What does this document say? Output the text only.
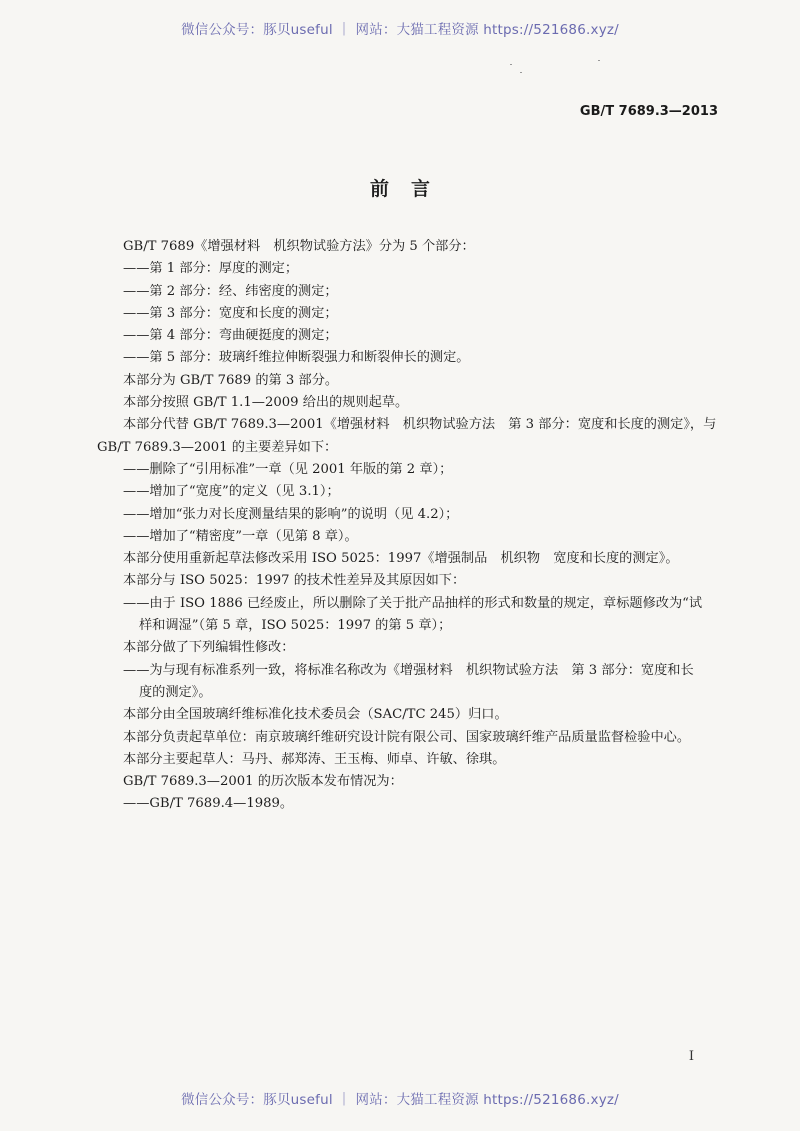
微信公众号：豚贝useful ｜ 网站：大猫工程资源 https://521686.xyz/
GB/T 7689.3—2013
前言

GB/T 7689《增强材料　机织物试验方法》分为 5 个部分：

——第 1 部分：厚度的测定；

——第 2 部分：经、纬密度的测定；

——第 3 部分：宽度和长度的测定；

——第 4 部分：弯曲硬挺度的测定；

——第 5 部分：玻璃纤维拉伸断裂强力和断裂伸长的测定。

本部分为 GB/T 7689 的第 3 部分。

本部分按照 GB/T 1.1—2009 给出的规则起草。

本部分代替 GB/T 7689.3—2001《增强材料　机织物试验方法　第 3 部分：宽度和长度的测定》，与

GB/T 7689.3—2001 的主要差异如下：

——删除了“引用标准”一章（见 2001 年版的第 2 章）；

——增加了“宽度”的定义（见 3.1）；

——增加“张力对长度测量结果的影响”的说明（见 4.2）；

——增加了“精密度”一章（见第 8 章）。

本部分使用重新起草法修改采用 ISO 5025：1997《增强制品　机织物　宽度和长度的测定》。

本部分与 ISO 5025：1997 的技术性差异及其原因如下：

——由于 ISO 1886 已经废止，所以删除了关于批产品抽样的形式和数量的规定，章标题修改为“试

样和调湿”（第 5 章，ISO 5025：1997 的第 5 章）；

本部分做了下列编辑性修改：

——为与现有标准系列一致，将标准名称改为《增强材料　机织物试验方法　第 3 部分：宽度和长

度的测定》。

本部分由全国玻璃纤维标准化技术委员会（SAC/TC 245）归口。

本部分负责起草单位：南京玻璃纤维研究设计院有限公司、国家玻璃纤维产品质量监督检验中心。

本部分主要起草人：马丹、郝郑涛、王玉梅、师卓、许敏、徐琪。

GB/T 7689.3—2001 的历次版本发布情况为：

——GB/T 7689.4—1989。

I
微信公众号：豚贝useful ｜ 网站：大猫工程资源 https://521686.xyz/
